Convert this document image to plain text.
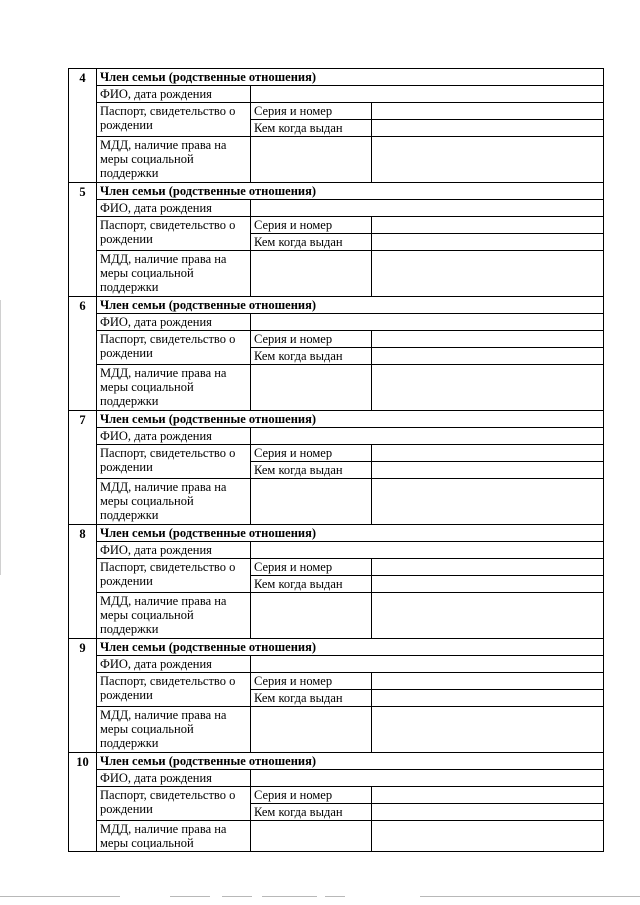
4	Член семьи (родственные отношения)		
	ФИО, дата рождения		
	Паспорт, свидетельство о рождении	Серия и номер	
		Кем когда выдан	
	МДД, наличие права на меры социальной поддержки		
5	Член семьи (родственные отношения)		
	ФИО, дата рождения		
	Паспорт, свидетельство о рождении	Серия и номер	
		Кем когда выдан	
	МДД, наличие права на меры социальной поддержки		
6	Член семьи (родственные отношения)		
	ФИО, дата рождения		
	Паспорт, свидетельство о рождении	Серия и номер	
		Кем когда выдан	
	МДД, наличие права на меры социальной поддержки		
7	Член семьи (родственные отношения)		
	ФИО, дата рождения		
	Паспорт, свидетельство о рождении	Серия и номер	
		Кем когда выдан	
	МДД, наличие права на меры социальной поддержки		
8	Член семьи (родственные отношения)		
	ФИО, дата рождения		
	Паспорт, свидетельство о рождении	Серия и номер	
		Кем когда выдан	
	МДД, наличие права на меры социальной поддержки		
9	Член семьи (родственные отношения)		
	ФИО, дата рождения		
	Паспорт, свидетельство о рождении	Серия и номер	
		Кем когда выдан	
	МДД, наличие права на меры социальной поддержки		
10	Член семьи (родственные отношения)		
	ФИО, дата рождения		
	Паспорт, свидетельство о рождении	Серия и номер	
		Кем когда выдан	
	МДД, наличие права на меры социальной		
